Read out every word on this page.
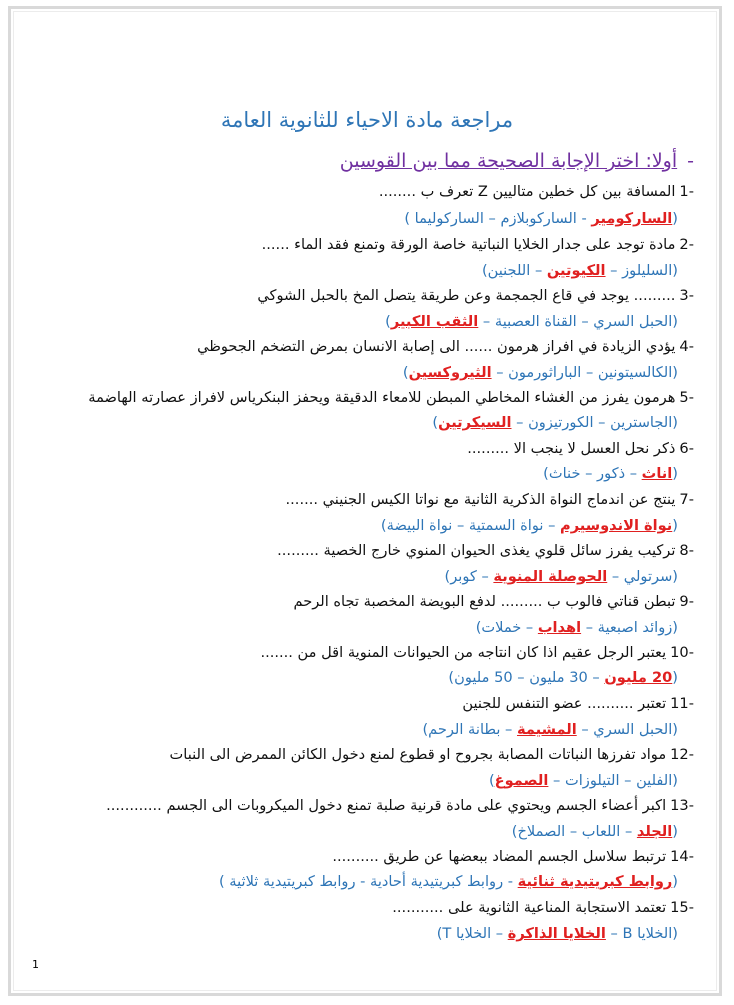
مراجعة مادة الاحياء للثانوية العامة
-أولا: اختر الإجابة الصحيحة مما بين القوسين
-1المسافة بين كل خطين متاليين Z تعرف ب ........
(الساركومير - الساركوبلازم – الساركوليما )
-2مادة توجد على جدار الخلايا النباتية خاصة الورقة وتمنع فقد الماء ......
(السليلوز – الكيوتين – اللجنين)
-3......... يوجد في قاع الجمجمة وعن طريقة يتصل المخ بالحبل الشوكي
(الحبل السري – القناة العصبية – الثقب الكبير)
-4يؤدي الزيادة في افراز هرمون ...... الى إصابة الانسان بمرض التضخم الجحوظي
(الكالسيتونين – الباراثورمون – الثيروكسين)
-5هرمون يفرز من الغشاء المخاطي المبطن للامعاء الدقيقة ويحفز البنكرياس لافراز عصارته الهاضمة
(الجاسترين – الكورتيزون – السيكرتين)
-6ذكر نحل العسل لا ينجب الا .........
(اناث – ذكور – خناث)
-7ينتج عن اندماج النواة الذكرية الثانية مع نواتا الكيس الجنيني .......
(نواة الاندوسيرم – نواة السمتية – نواة البيضة)
-8تركيب يفرز سائل قلوي يغذى الحيوان المنوي خارج الخصية .........
(سرتولي – الحوصلة المنوية – كوبر)
-9تبطن قناتي فالوب ب ......... لدفع البويضة المخصبة تجاه الرحم
(زوائد اصبعية – اهداب – خملات)
-10يعتبر الرجل عقيم اذا كان انتاجه من الحيوانات المنوية اقل من .......
(20 مليون – 30 مليون – 50 مليون)
-11تعتبر .......... عضو التنفس للجنين
(الحبل السري – المشيمة – بطانة الرحم)
-12مواد تفرزها النباتات المصابة بجروح او قطوع لمنع دخول الكائن الممرض الى النبات
(الفلين – التيلوزات – الصموغ)
-13اكبر أعضاء الجسم ويحتوي على مادة قرنية صلبة تمنع دخول الميكروبات الى الجسم ............
(الجلد – اللعاب – الصملاخ)
-14ترتبط سلاسل الجسم المضاد ببعضها عن طريق ..........
(روابط كبريتيدية ثنائية - روابط كبريتيدية أحادية - روابط كبريتيدية ثلاثية )
-15تعتمد الاستجابة المناعية الثانوية على ...........
(الخلايا B – الخلايا الذاكرة – الخلايا T)
1
